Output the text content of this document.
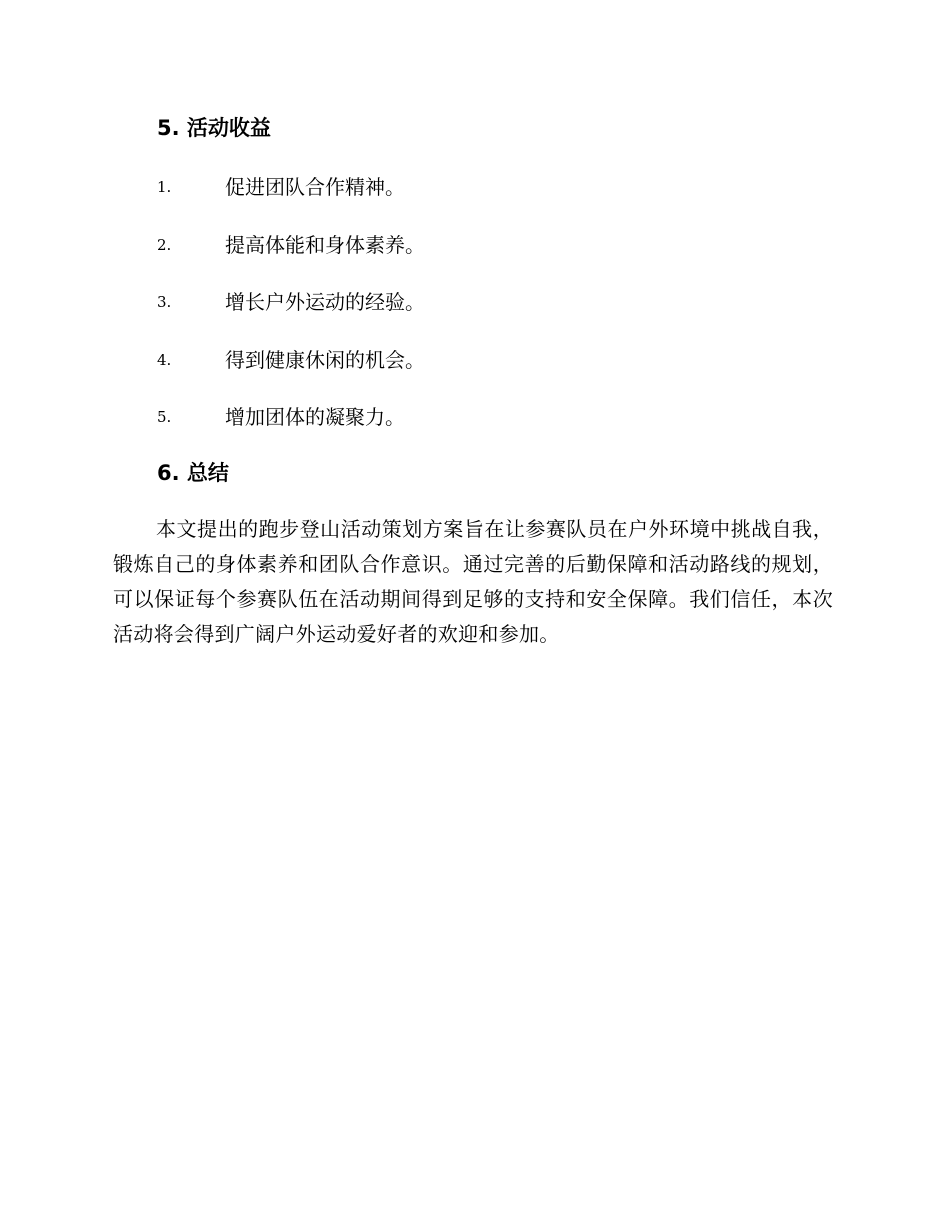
5. 活动收益
1.	促进团队合作精神。
2.	提高体能和身体素养。
3.	增长户外运动的经验。
4.	得到健康休闲的机会。
5.	增加团体的凝聚力。
6. 总结

本文提出的跑步登山活动策划方案旨在让参赛队员在户外环境中挑战自我，锻炼自己的身体素养和团队合作意识。通过完善的后勤保障和活动路线的规划，可以保证每个参赛队伍在活动期间得到足够的支持和安全保障。我们信任，本次活动将会得到广阔户外运动爱好者的欢迎和参加。
